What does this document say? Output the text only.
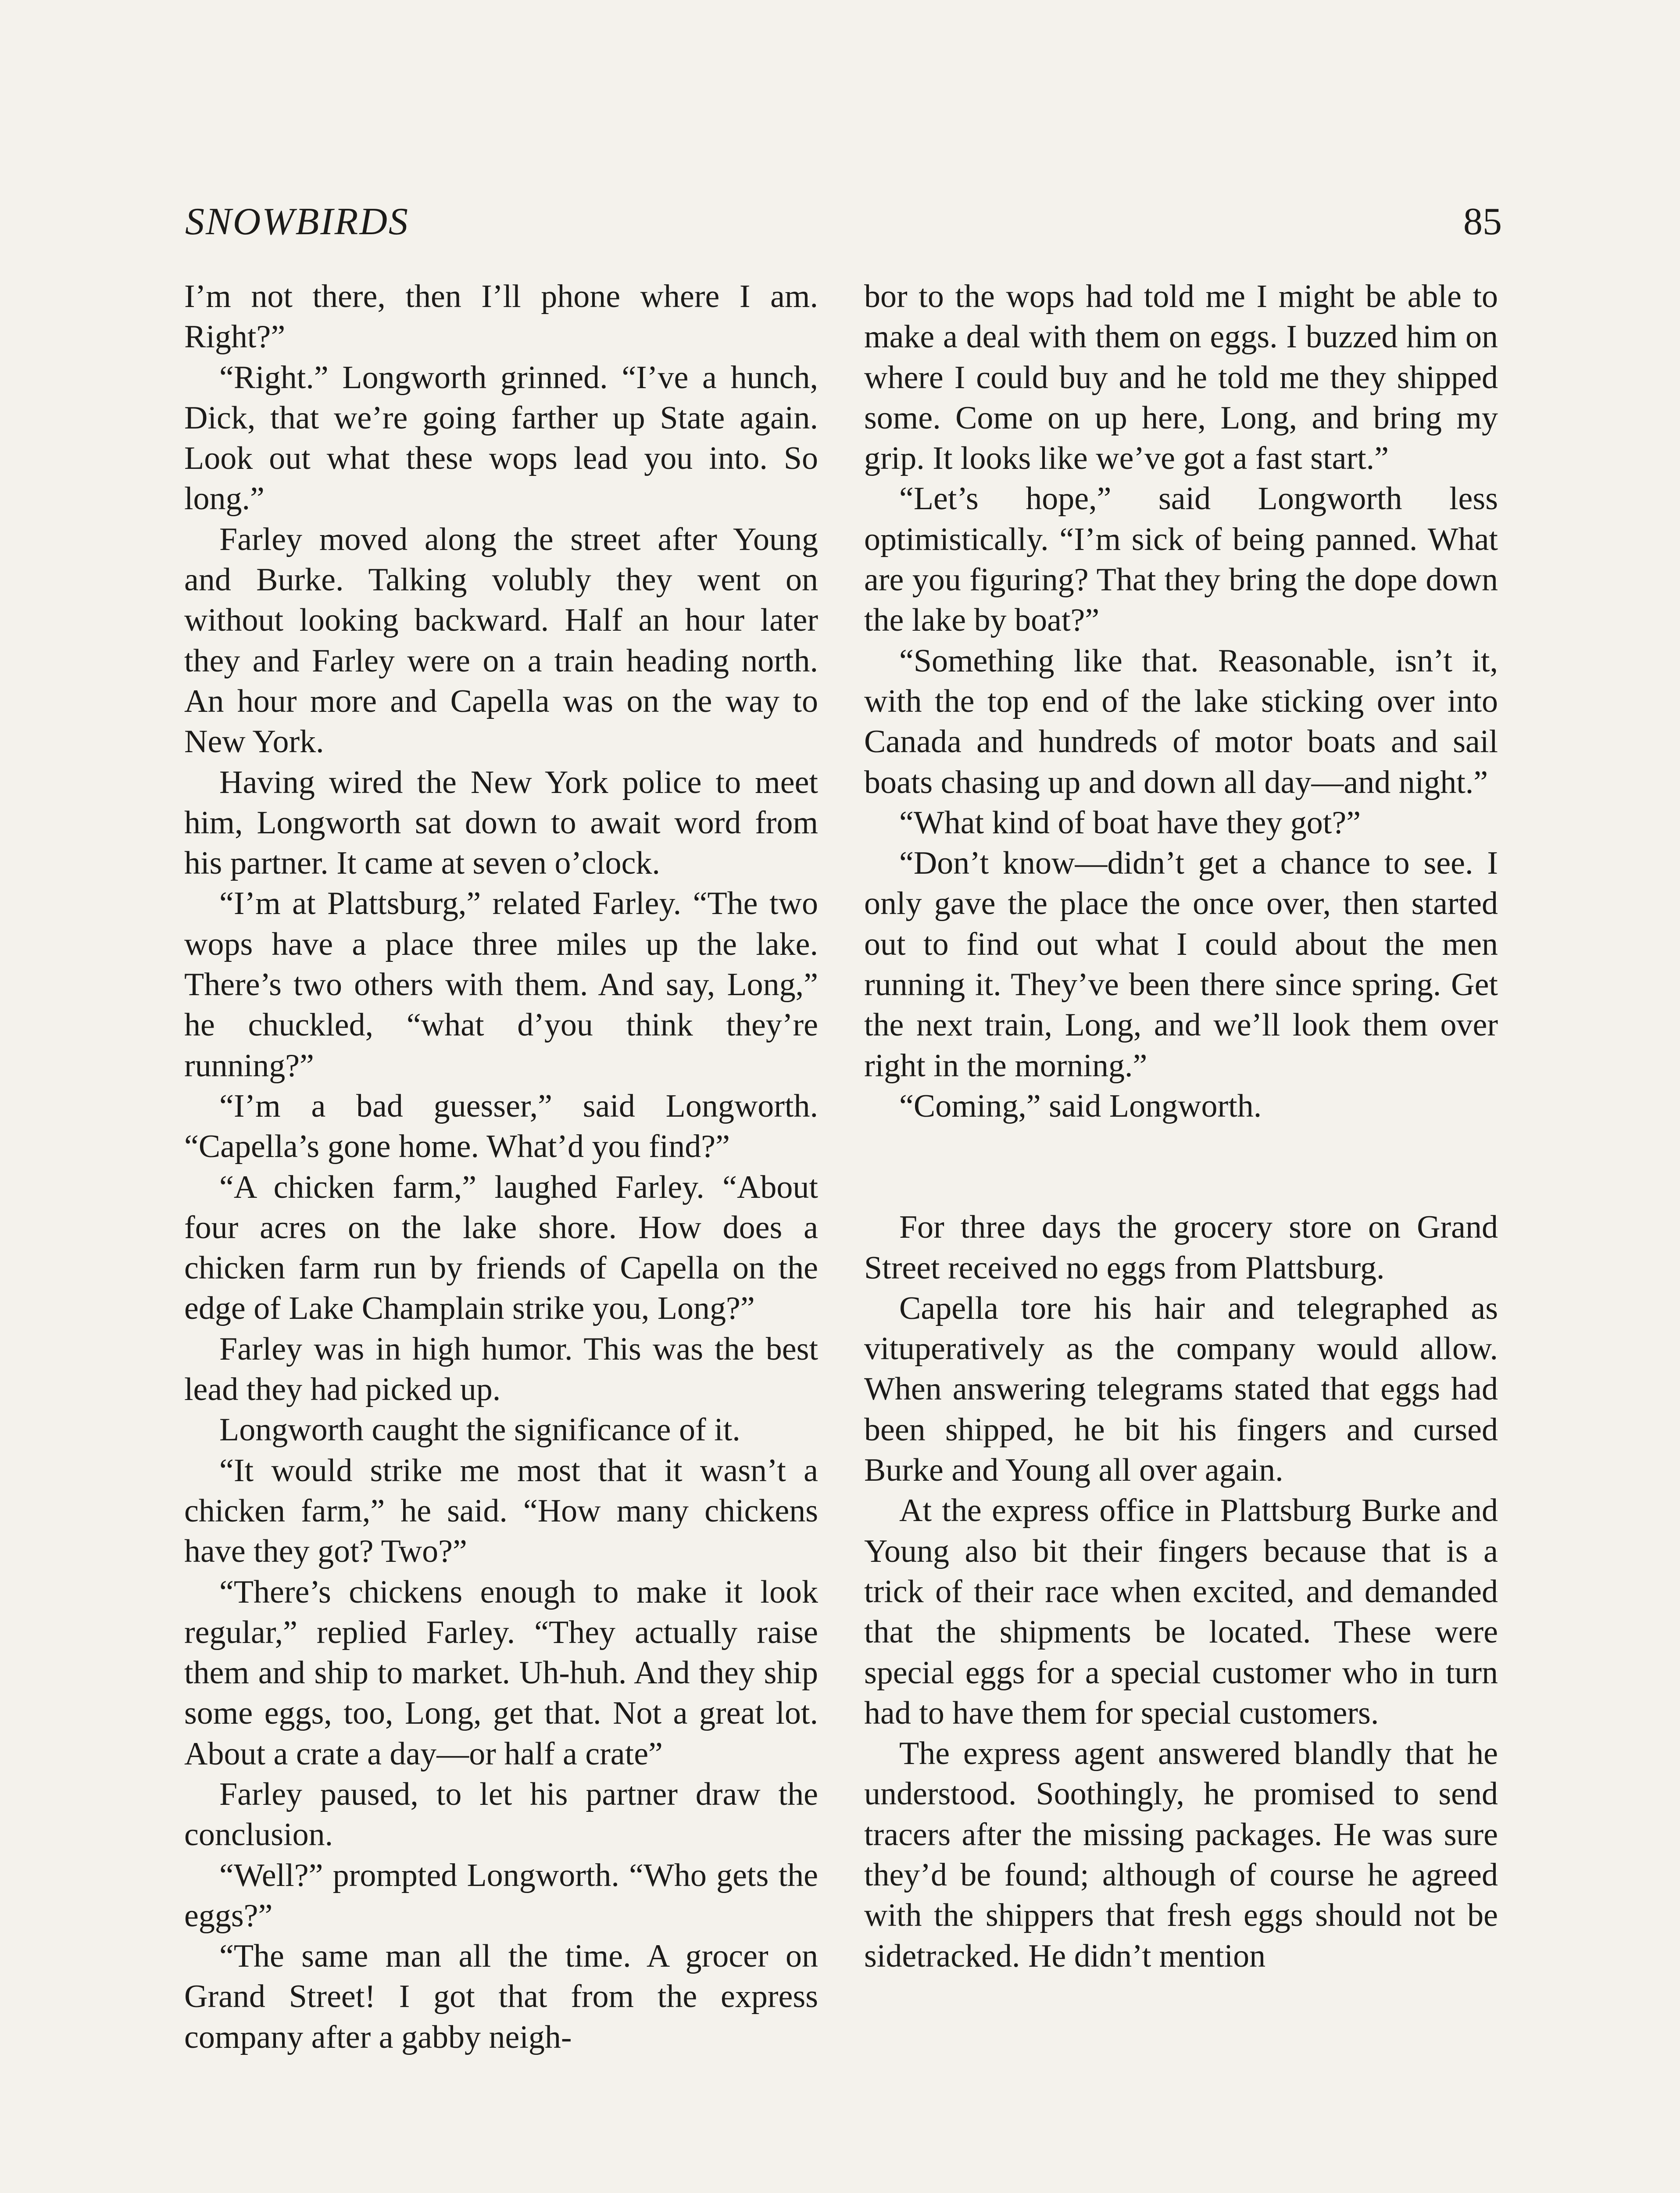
SNOWBIRDS	85

I’m not there, then I’ll phone where I am. Right?”

“Right.” Longworth grinned. “I’ve a hunch, Dick, that we’re going farther up State again. Look out what these wops lead you into. So long.”

Farley moved along the street after Young and Burke. Talking volubly they went on without looking backward. Half an hour later they and Farley were on a train heading north. An hour more and Capella was on the way to New York.

Having wired the New York police to meet him, Longworth sat down to await word from his partner. It came at seven o’clock.

“I’m at Plattsburg,” related Farley. “The two wops have a place three miles up the lake. There’s two others with them. And say, Long,” he chuckled, “what d’you think they’re running?”

“I’m a bad guesser,” said Longworth. “Capella’s gone home. What’d you find?”

“A chicken farm,” laughed Farley. “About four acres on the lake shore. How does a chicken farm run by friends of Capella on the edge of Lake Champlain strike you, Long?”

Farley was in high humor. This was the best lead they had picked up.

Longworth caught the significance of it.

“It would strike me most that it wasn’t a chicken farm,” he said. “How many chickens have they got? Two?”

“There’s chickens enough to make it look regular,” replied Farley. “They actually raise them and ship to market. Uh-huh. And they ship some eggs, too, Long, get that. Not a great lot. About a crate a day—or half a crate”

Farley paused, to let his partner draw the conclusion.

“Well?” prompted Longworth. “Who gets the eggs?”

“The same man all the time. A grocer on Grand Street! I got that from the express company after a gabby neigh-

bor to the wops had told me I might be able to make a deal with them on eggs. I buzzed him on where I could buy and he told me they shipped some. Come on up here, Long, and bring my grip. It looks like we’ve got a fast start.”

“Let’s hope,” said Longworth less optimistically. “I’m sick of being panned. What are you figuring? That they bring the dope down the lake by boat?”

“Something like that. Reasonable, isn’t it, with the top end of the lake sticking over into Canada and hundreds of motor boats and sail boats chasing up and down all day—and night.”

“What kind of boat have they got?”

“Don’t know—didn’t get a chance to see. I only gave the place the once over, then started out to find out what I could about the men running it. They’ve been there since spring. Get the next train, Long, and we’ll look them over right in the morning.”

“Coming,” said Longworth.

For three days the grocery store on Grand Street received no eggs from Plattsburg.

Capella tore his hair and telegraphed as vituperatively as the company would allow. When answering telegrams stated that eggs had been shipped, he bit his fingers and cursed Burke and Young all over again.

At the express office in Plattsburg Burke and Young also bit their fingers because that is a trick of their race when excited, and demanded that the shipments be located. These were special eggs for a special customer who in turn had to have them for special customers.

The express agent answered blandly that he understood. Soothingly, he promised to send tracers after the missing packages. He was sure they’d be found; although of course he agreed with the shippers that fresh eggs should not be sidetracked. He didn’t mention
